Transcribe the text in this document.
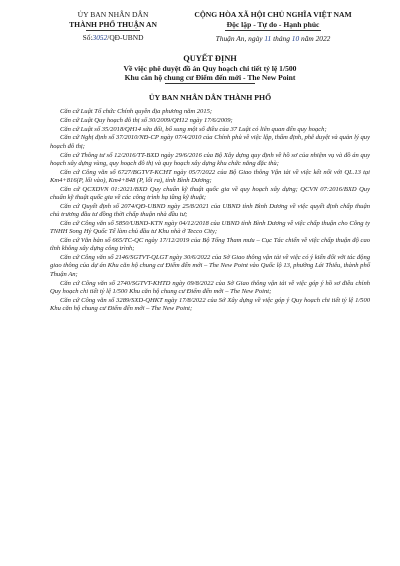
ỦY BAN NHÂN DÂN
THÀNH PHỐ THUẬN AN
Số:3052/QĐ-UBND
CỘNG HÒA XÃ HỘI CHỦ NGHĨA VIỆT NAM
Độc lập - Tự do - Hạnh phúc
Thuận An, ngày 11 tháng 10 năm 2022
QUYẾT ĐỊNH
Về việc phê duyệt đồ án Quy hoạch chi tiết tỷ lệ 1/500
Khu căn hộ chung cư Điểm đến mới - The New Point
ỦY BAN NHÂN DÂN THÀNH PHỐ

Căn cứ Luật Tổ chức Chính quyền địa phương năm 2015;

Căn cứ Luật Quy hoạch đô thị số 30/2009/QH12 ngày 17/6/2009;

Căn cứ Luật số 35/2018/QH14 sửa đổi, bổ sung một số điều của 37 Luật có liên quan đến quy hoạch;

Căn cứ Nghị định số 37/2010/NĐ-CP ngày 07/4/2010 của Chính phủ về việc lập, thẩm định, phê duyệt và quản lý quy hoạch đô thị;

Căn cứ Thông tư số 12/2016/TT-BXD ngày 29/6/2016 của Bộ Xây dựng quy định về hồ sơ của nhiệm vụ và đồ án quy hoạch xây dựng vùng, quy hoạch đô thị và quy hoạch xây dựng khu chức năng đặc thù;

Căn cứ Công văn số 6727/BGTVT-KCHT ngày 05/7/2022 của Bộ Giao thông Vận tải về việc kết nối với QL.13 tại Km4+816(P, lối vào), Km4+848 (P, lối ra), tỉnh Bình Dương;

Căn cứ QCXDVN 01:2021/BXD Quy chuẩn kỹ thuật quốc gia về quy hoạch xây dựng; QCVN 07:2016/BXD Quy chuẩn kỹ thuật quốc gia về các công trình hạ tầng kỹ thuật;

Căn cứ Quyết định số 2074/QĐ-UBND ngày 25/8/2021 của UBND tỉnh Bình Dương về việc quyết định chấp thuận chủ trương đầu tư đồng thời chấp thuận nhà đầu tư;

Căn cứ Công văn số 5850/UBND-KTN ngày 04/12/2018 của UBND tỉnh Bình Dương về việc chấp thuận cho Công ty TNHH Song Hỷ Quốc Tế làm chủ đầu tư Khu nhà ở Tecco City;

Căn cứ Văn bản số 665/TC-QC ngày 17/12/2019 của Bộ Tổng Tham mưu – Cục Tác chiến về việc chấp thuận độ cao tĩnh không xây dựng công trình;

Căn cứ Công văn số 2146/SGTVT-QLGT ngày 30/6/2022 của Sở Giao thông vận tải về việc có ý kiến đối với tác động giao thông của dự án Khu căn hộ chung cư Điểm đến mới – The New Point vào Quốc lộ 13, phường Lái Thiêu, thành phố Thuận An;

Căn cứ Công văn số 2740/SGTVT-KHTD ngày 09/8/2022 của Sở Giao thông vận tải về việc góp ý hồ sơ điều chỉnh Quy hoạch chi tiết tỷ lệ 1/500 Khu căn hộ chung cư Điểm đến mới – The New Point;

Căn cứ Công văn số 3289/SXD-QHKT ngày 17/8/2022 của Sở Xây dựng về việc góp ý Quy hoạch chi tiết tỷ lệ 1/500 Khu căn hộ chung cư Điểm đến mới – The New Point;
